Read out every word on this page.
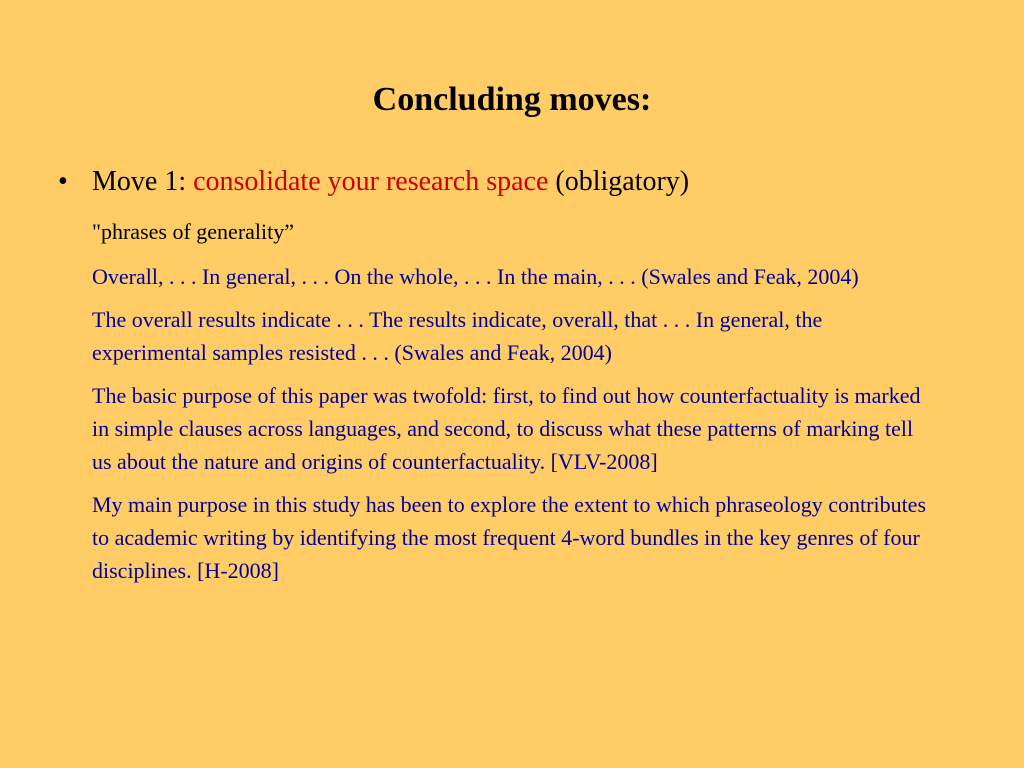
Concluding moves:
• Move 1: consolidate your research space (obligatory)
"phrases of generality”

Overall, . . . In general, . . . On the whole, . . . In the main, . . . (Swales and Feak, 2004)

The overall results indicate . . . The results indicate, overall, that . . . In general, the experimental samples resisted . . . (Swales and Feak, 2004)

The basic purpose of this paper was twofold: first, to find out how counterfactuality is marked in simple clauses across languages, and second, to discuss what these patterns of marking tell us about the nature and origins of counterfactuality. [VLV-2008]

My main purpose in this study has been to explore the extent to which phraseology contributes to academic writing by identifying the most frequent 4-word bundles in the key genres of four disciplines. [H-2008]
